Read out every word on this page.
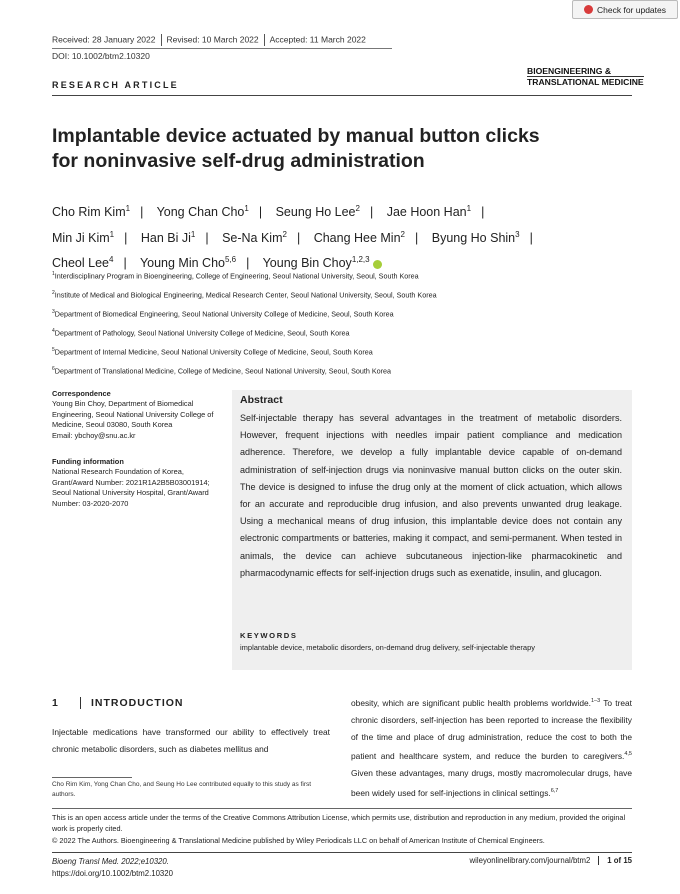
Check for updates
Received: 28 January 2022 Revised: 10 March 2022 Accepted: 11 March 2022
DOI: 10.1002/btm2.10320
RESEARCH ARTICLE
BIOENGINEERING &
TRANSLATIONAL MEDICINE
Implantable device actuated by manual button clicks
for noninvasive self-drug administration
Cho Rim Kim$^1$ | Yong Chan Cho$^1$ | Seung Ho Lee$^2$ | Jae Hoon Han$^1$ |
Min Ji Kim$^1$ | Han Bi Ji$^1$ | Se-Na Kim$^2$ | Chang Hee Min$^2$ | Byung Ho Shin$^3$ |
Cheol Lee$^4$ | Young Min Cho$^{5,6}$ | Young Bin Choy$^{1,2,3}$
$^1$Interdisciplinary Program in Bioengineering, College of Engineering, Seoul National University, Seoul, South Korea
$^2$Institute of Medical and Biological Engineering, Medical Research Center, Seoul National University, Seoul, South Korea
$^3$Department of Biomedical Engineering, Seoul National University College of Medicine, Seoul, South Korea
$^4$Department of Pathology, Seoul National University College of Medicine, Seoul, South Korea
$^5$Department of Internal Medicine, Seoul National University College of Medicine, Seoul, South Korea
$^6$Department of Translational Medicine, College of Medicine, Seoul National University, Seoul, South Korea
Correspondence
Young Bin Choy, Department of Biomedical Engineering, Seoul National University College of Medicine, Seoul 03080, South Korea
Email: ybchoy@snu.ac.kr
Funding information
National Research Foundation of Korea, Grant/Award Number: 2021R1A2B5B03001914; Seoul National University Hospital, Grant/Award Number: 03-2020-2070
Abstract
Self-injectable therapy has several advantages in the treatment of metabolic disorders. However, frequent injections with needles impair patient compliance and medication adherence. Therefore, we develop a fully implantable device capable of on-demand administration of self-injection drugs via noninvasive manual button clicks on the outer skin. The device is designed to infuse the drug only at the moment of click actuation, which allows for an accurate and reproducible drug infusion, and also prevents unwanted drug leakage. Using a mechanical means of drug infusion, this implantable device does not contain any electronic compartments or batteries, making it compact, and semi-permanent. When tested in animals, the device can achieve subcutaneous injection-like pharmacokinetic and pharmacodynamic effects for self-injection drugs such as exenatide, insulin, and glucagon.
KEYWORDS
implantable device, metabolic disorders, on-demand drug delivery, self-injectable therapy
1	INTRODUCTION
Injectable medications have transformed our ability to effectively treat chronic metabolic disorders, such as diabetes mellitus and
Cho Rim Kim, Yong Chan Cho, and Seung Ho Lee contributed equally to this study as first authors.
obesity, which are significant public health problems worldwide.$^{1-3}$ To treat chronic disorders, self-injection has been reported to increase the flexibility of the time and place of drug administration, reduce the cost to both the patient and healthcare system, and reduce the burden to caregivers.$^{4,5}$ Given these advantages, many drugs, mostly macromolecular drugs, have been widely used for self-injections in clinical settings.$^{6,7}$
This is an open access article under the terms of the Creative Commons Attribution License, which permits use, distribution and reproduction in any medium, provided the original work is properly cited.
© 2022 The Authors. Bioengineering & Translational Medicine published by Wiley Periodicals LLC on behalf of American Institute of Chemical Engineers.
Bioeng Transl Med. 2022;e10320.
https://doi.org/10.1002/btm2.10320
wileyonlinelibrary.com/journal/btm2 1 of 15
